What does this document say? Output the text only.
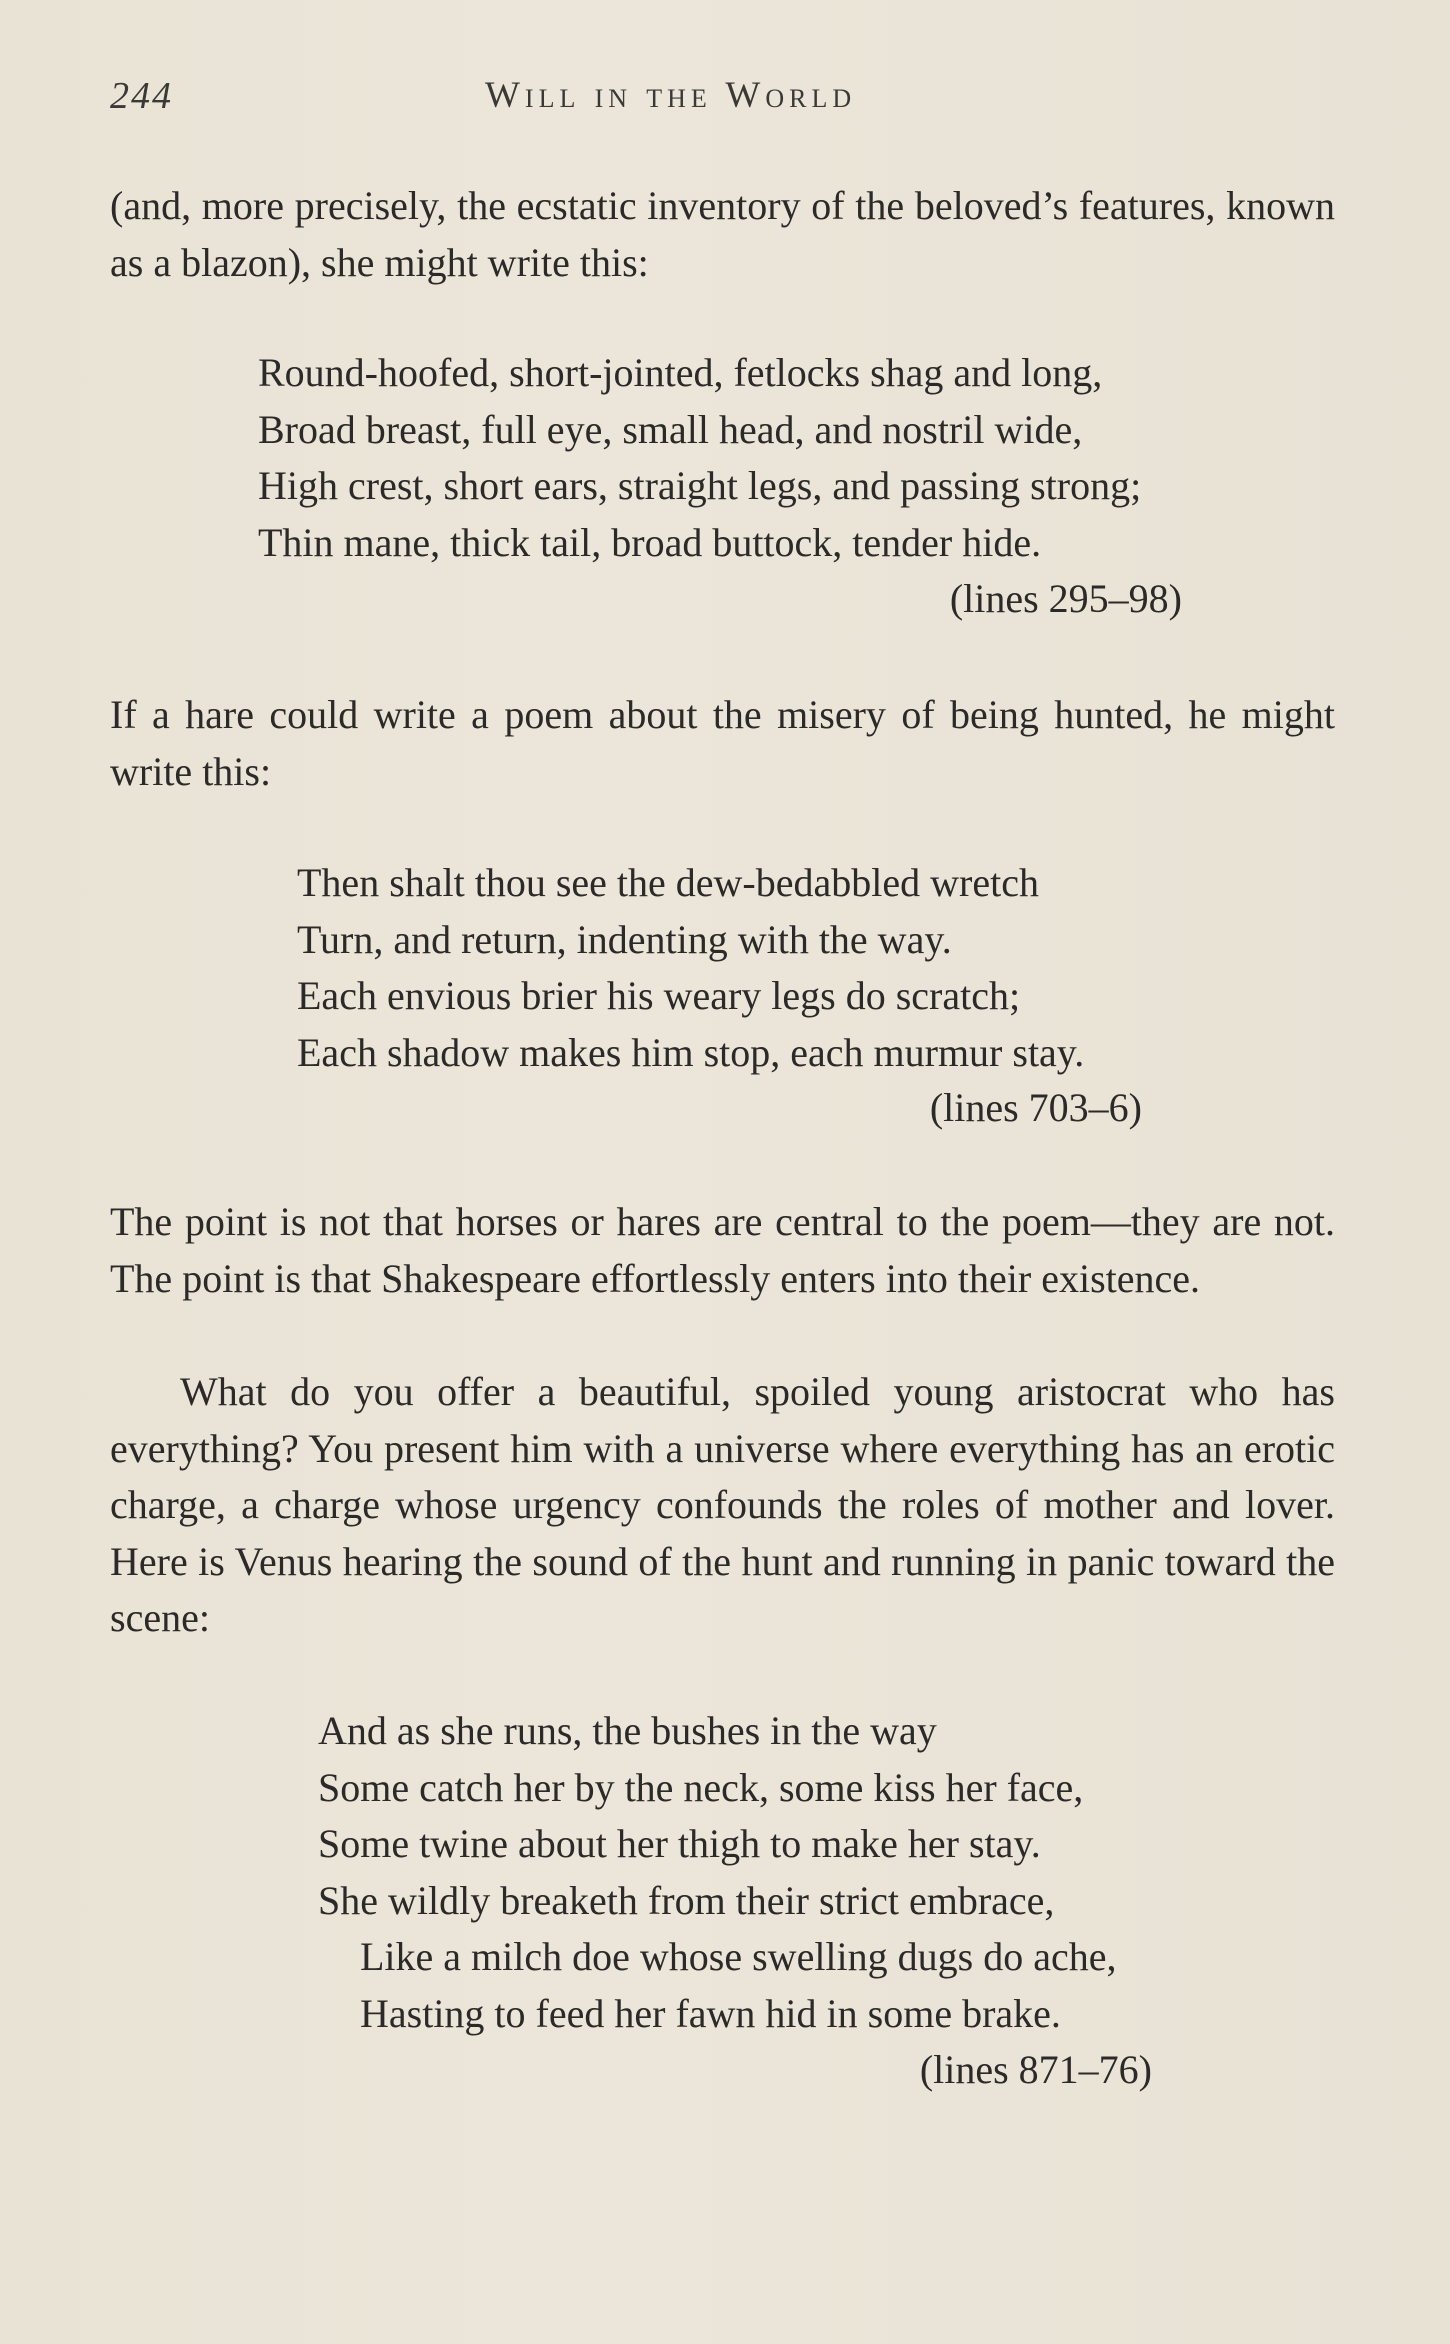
244	Will in the World

(and, more precisely, the ecstatic inventory of the beloved’s features, known as a blazon), she might write this:

Round-hoofed, short-jointed, fetlocks shag and long,
Broad breast, full eye, small head, and nostril wide,
High crest, short ears, straight legs, and passing strong;
Thin mane, thick tail, broad buttock, tender hide.
(lines 295–98)

If a hare could write a poem about the misery of being hunted, he might write this:

Then shalt thou see the dew-bedabbled wretch
Turn, and return, indenting with the way.
Each envious brier his weary legs do scratch;
Each shadow makes him stop, each murmur stay.
(lines 703–6)

The point is not that horses or hares are central to the poem—they are not. The point is that Shakespeare effortlessly enters into their existence.

What do you offer a beautiful, spoiled young aristocrat who has everything? You present him with a universe where everything has an erotic charge, a charge whose urgency confounds the roles of mother and lover. Here is Venus hearing the sound of the hunt and running in panic toward the scene:

And as she runs, the bushes in the way
Some catch her by the neck, some kiss her face,
Some twine about her thigh to make her stay.
She wildly breaketh from their strict embrace,
Like a milch doe whose swelling dugs do ache,
Hasting to feed her fawn hid in some brake.
(lines 871–76)
